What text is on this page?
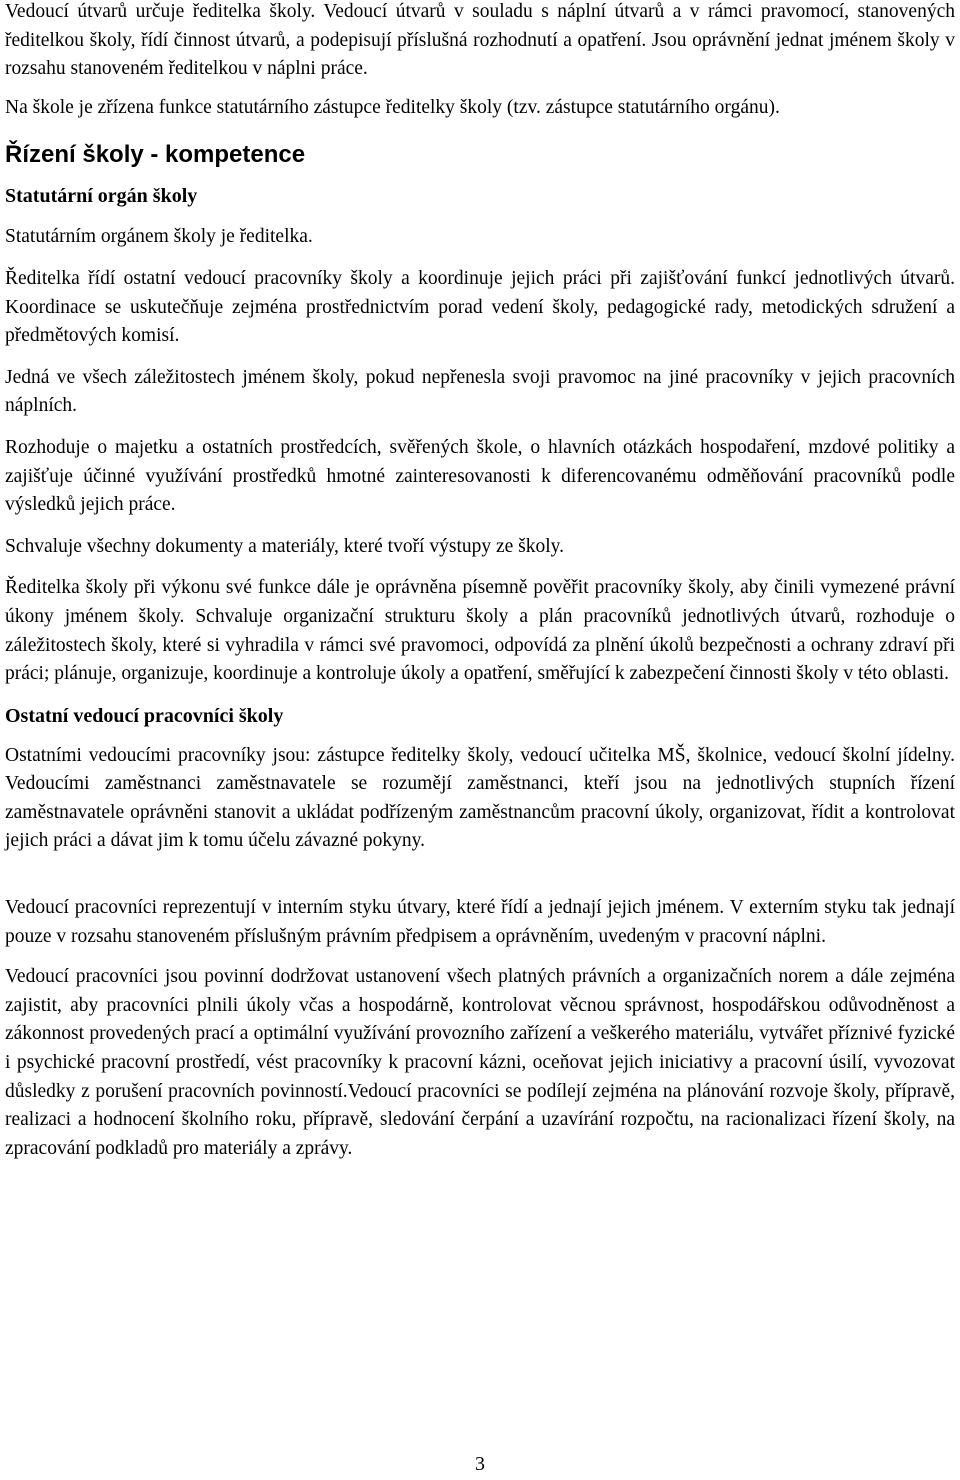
Vedoucí útvarů určuje ředitelka školy. Vedoucí útvarů v souladu s náplní útvarů a v rámci pravomocí, stanovených ředitelkou školy, řídí činnost útvarů, a podepisují příslušná rozhodnutí a opatření. Jsou oprávnění jednat jménem školy v rozsahu stanoveném ředitelkou v náplni práce.

Na škole je zřízena funkce statutárního zástupce ředitelky školy (tzv. zástupce statutárního orgánu).

Řízení školy - kompetence
Statutární orgán školy

Statutárním orgánem školy je ředitelka.

Ředitelka řídí ostatní vedoucí pracovníky školy a koordinuje jejich práci při zajišťování funkcí jednotlivých útvarů. Koordinace se uskutečňuje zejména prostřednictvím porad vedení školy, pedagogické rady, metodických sdružení a předmětových komisí.

Jedná ve všech záležitostech jménem školy, pokud nepřenesla svoji pravomoc na jiné pracovníky v jejich pracovních náplních.

Rozhoduje o majetku a ostatních prostředcích, svěřených škole, o hlavních otázkách hospodaření, mzdové politiky a zajišťuje účinné využívání prostředků hmotné zainteresovanosti k diferencovanému odměňování pracovníků podle výsledků jejich práce.

Schvaluje všechny dokumenty a materiály, které tvoří výstupy ze školy.

Ředitelka školy při výkonu své funkce dále je oprávněna písemně pověřit pracovníky školy, aby činili vymezené právní úkony jménem školy. Schvaluje organizační strukturu školy a plán pracovníků jednotlivých útvarů, rozhoduje o záležitostech školy, které si vyhradila v rámci své pravomoci, odpovídá za plnění úkolů bezpečnosti a ochrany zdraví při práci; plánuje, organizuje, koordinuje a kontroluje úkoly a opatření, směřující k zabezpečení činnosti školy v této oblasti.

Ostatní vedoucí pracovníci školy

Ostatními vedoucími pracovníky jsou: zástupce ředitelky školy, vedoucí učitelka MŠ, školnice, vedoucí školní jídelny. Vedoucími zaměstnanci zaměstnavatele se rozumějí zaměstnanci, kteří jsou na jednotlivých stupních řízení zaměstnavatele oprávněni stanovit a ukládat podřízeným zaměstnancům pracovní úkoly, organizovat, řídit a kontrolovat jejich práci a dávat jim k tomu účelu závazné pokyny.

Vedoucí pracovníci reprezentují v interním styku útvary, které řídí a jednají jejich jménem. V externím styku tak jednají pouze v rozsahu stanoveném příslušným právním předpisem a oprávněním, uvedeným v pracovní náplni.

Vedoucí pracovníci jsou povinní dodržovat ustanovení všech platných právních a organizačních norem a dále zejména zajistit, aby pracovníci plnili úkoly včas a hospodárně, kontrolovat věcnou správnost, hospodářskou odůvodněnost a zákonnost provedených prací a optimální využívání provozního zařízení a veškerého materiálu, vytvářet příznivé fyzické i psychické pracovní prostředí, vést pracovníky k pracovní kázni, oceňovat jejich iniciativy a pracovní úsilí, vyvozovat důsledky z porušení pracovních povinností.Vedoucí pracovníci se podílejí zejména na plánování rozvoje školy, přípravě, realizaci a hodnocení školního roku, přípravě, sledování čerpání a uzavírání rozpočtu, na racionalizaci řízení školy, na zpracování podkladů pro materiály a zprávy.

3
